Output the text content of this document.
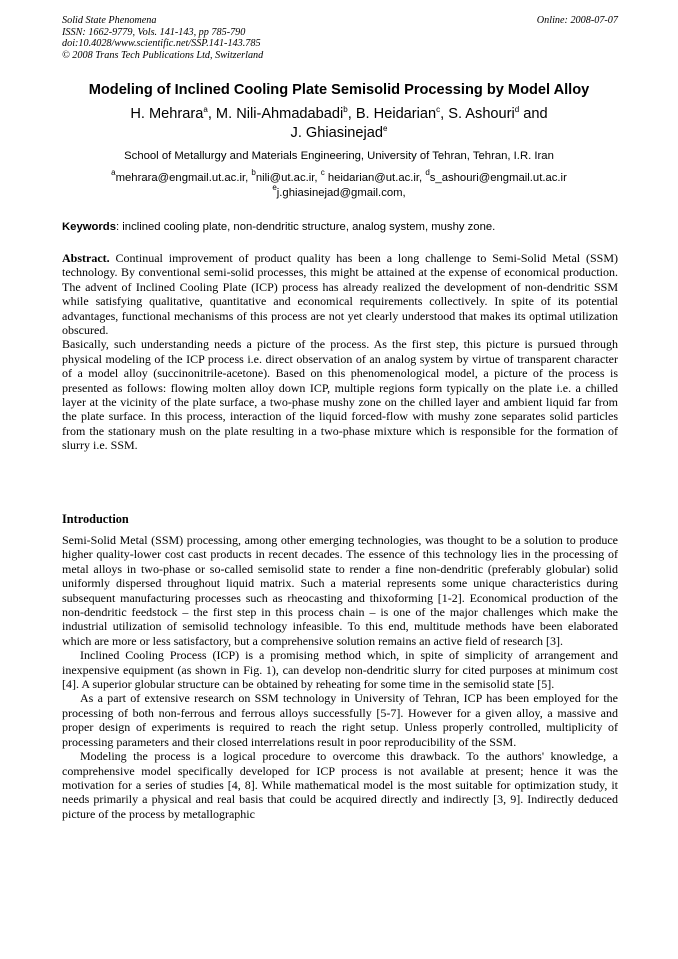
Solid State Phenomena
ISSN: 1662-9779, Vols. 141-143, pp 785-790
doi:10.4028/www.scientific.net/SSP.141-143.785
© 2008 Trans Tech Publications Ltd, Switzerland
Online: 2008-07-07
Modeling of Inclined Cooling Plate Semisolid Processing by Model Alloy
H. Mehrara$^a$, M. Nili-Ahmadabadi$^b$, B. Heidarian$^c$, S. Ashouri$^d$ and
J. Ghiasinejad$^e$
School of Metallurgy and Materials Engineering, University of Tehran, Tehran, I.R. Iran
$^a$mehrara@engmail.ut.ac.ir, $^b$nili@ut.ac.ir, $^c$ heidarian@ut.ac.ir, $^d$s_ashouri@engmail.ut.ac.ir
$^e$j.ghiasinejad@gmail.com,
Keywords: inclined cooling plate, non-dendritic structure, analog system, mushy zone.

Abstract. Continual improvement of product quality has been a long challenge to Semi-Solid Metal (SSM) technology. By conventional semi-solid processes, this might be attained at the expense of economical production. The advent of Inclined Cooling Plate (ICP) process has already realized the development of non-dendritic SSM while satisfying qualitative, quantitative and economical requirements collectively. In spite of its potential advantages, functional mechanisms of this process are not yet clearly understood that makes its optimal utilization obscured.

Basically, such understanding needs a picture of the process. As the first step, this picture is pursued through physical modeling of the ICP process i.e. direct observation of an analog system by virtue of transparent character of a model alloy (succinonitrile-acetone). Based on this phenomenological model, a picture of the process is presented as follows: flowing molten alloy down ICP, multiple regions form typically on the plate i.e. a chilled layer at the vicinity of the plate surface, a two-phase mushy zone on the chilled layer and ambient liquid far from the plate surface. In this process, interaction of the liquid forced-flow with mushy zone separates solid particles from the stationary mush on the plate resulting in a two-phase mixture which is responsible for the formation of slurry i.e. SSM.

Introduction

Semi-Solid Metal (SSM) processing, among other emerging technologies, was thought to be a solution to produce higher quality-lower cost cast products in recent decades. The essence of this technology lies in the processing of metal alloys in two-phase or so-called semisolid state to render a fine non-dendritic (preferably globular) solid uniformly dispersed throughout liquid matrix. Such a material represents some unique characteristics during subsequent manufacturing processes such as rheocasting and thixoforming [1-2]. Economical production of the non-dendritic feedstock – the first step in this process chain – is one of the major challenges which make the industrial utilization of semisolid technology infeasible. To this end, multitude methods have been elaborated which are more or less satisfactory, but a comprehensive solution remains an active field of research [3].

Inclined Cooling Process (ICP) is a promising method which, in spite of simplicity of arrangement and inexpensive equipment (as shown in Fig. 1), can develop non-dendritic slurry for cited purposes at minimum cost [4]. A superior globular structure can be obtained by reheating for some time in the semisolid state [5].

As a part of extensive research on SSM technology in University of Tehran, ICP has been employed for the processing of both non-ferrous and ferrous alloys successfully [5-7]. However for a given alloy, a massive and proper design of experiments is required to reach the right setup. Unless properly controlled, multiplicity of processing parameters and their closed interrelations result in poor reproducibility of the SSM.

Modeling the process is a logical procedure to overcome this drawback. To the authors' knowledge, a comprehensive model specifically developed for ICP process is not available at present; hence it was the motivation for a series of studies [4, 8]. While mathematical model is the most suitable for optimization study, it needs primarily a physical and real basis that could be acquired directly and indirectly [3, 9]. Indirectly deduced picture of the process by metallographic
